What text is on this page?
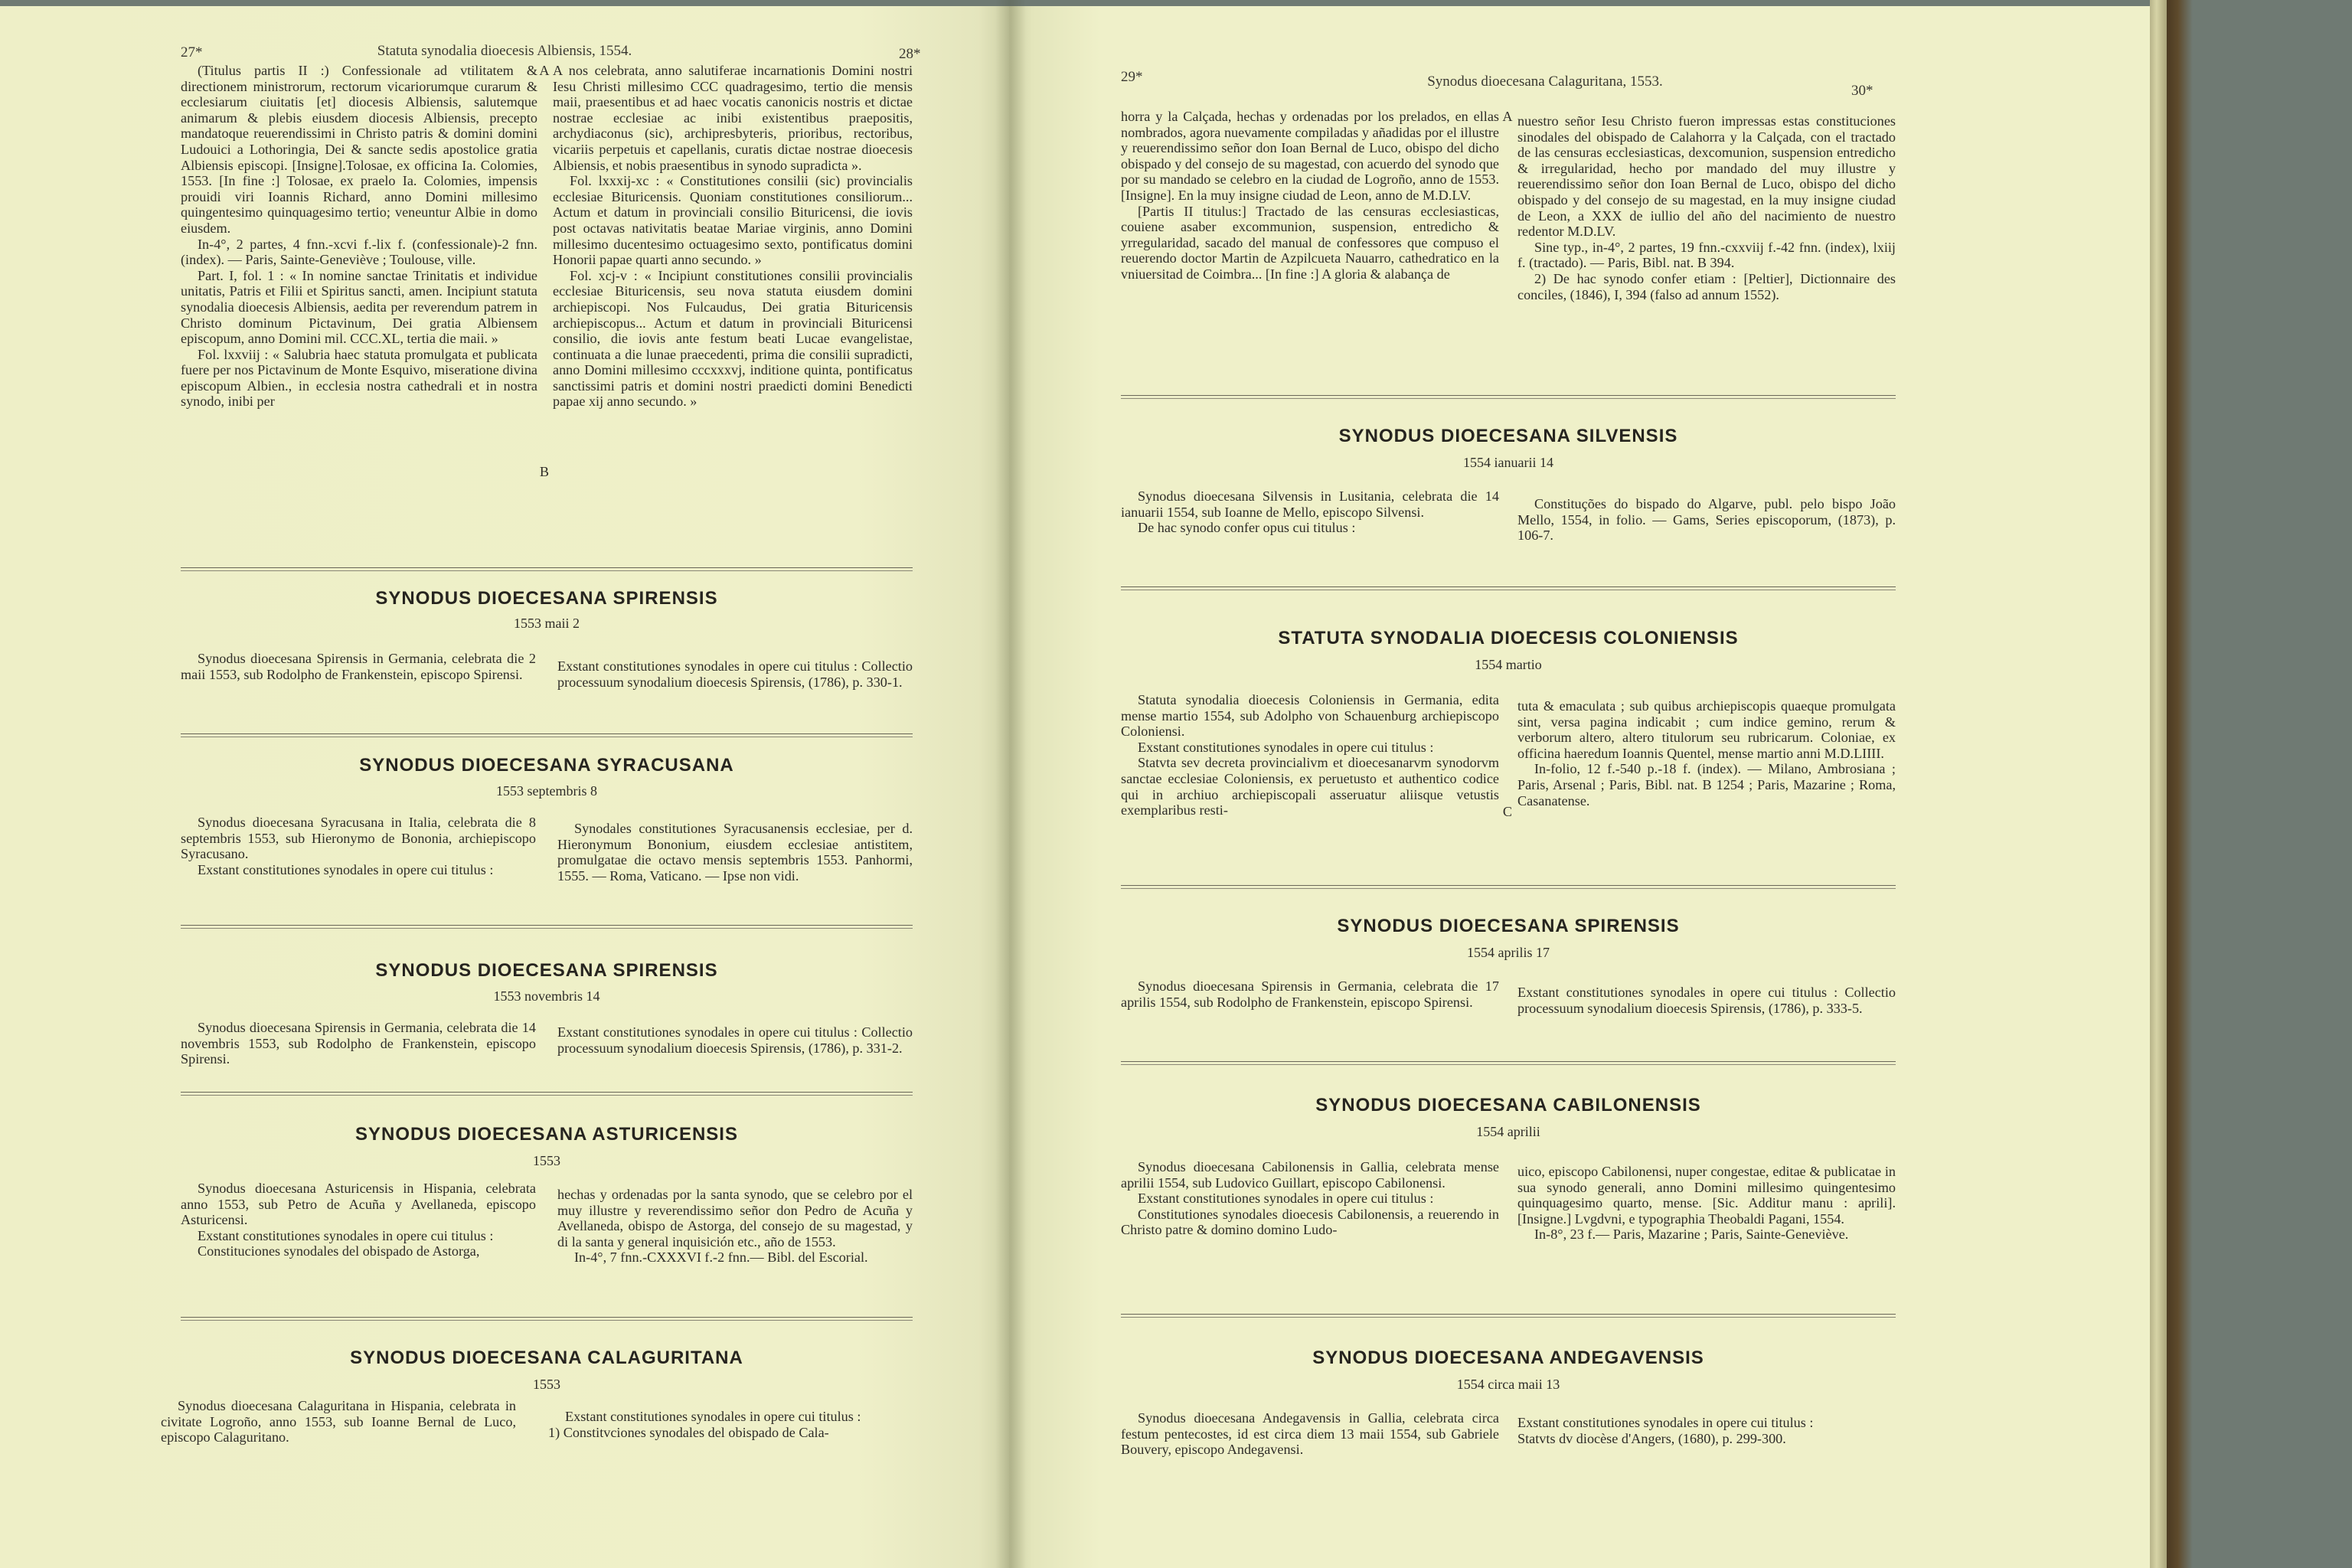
27*	Statuta synodalia dioecesis Albiensis, 1554.	28*

(Titulus partis II :) Confessionale ad vtilitatem & directionem ministrorum, rectorum vicariorumque curarum & ecclesiarum ciuitatis [et] diocesis Albiensis, salutemque animarum & plebis eiusdem diocesis Albiensis, precepto mandatoque reuerendissimi in Christo patris & domini domini Ludouici a Lothoringia, Dei & sancte sedis apostolice gratia Albiensis episcopi. [Insigne].Tolosae, ex officina Ia. Colomies, 1553. [In fine :] Tolosae, ex praelo Ia. Colomies, impensis prouidi viri Ioannis Richard, anno Domini millesimo quingentesimo quinquagesimo tertio; veneuntur Albie in domo eiusdem.

In-4°, 2 partes, 4 fnn.-xcvi f.-lix f. (confessionale)-2 fnn. (index). — Paris, Sainte-Geneviève ; Toulouse, ville.

Part. I, fol. 1 : « In nomine sanctae Trinitatis et individue unitatis, Patris et Filii et Spiritus sancti, amen. Incipiunt statuta synodalia dioecesis Albiensis, aedita per reverendum patrem in Christo dominum Pictavinum, Dei gratia Albiensem episcopum, anno Domini mil. CCC.XL, tertia die maii. »

Fol. lxxviij : « Salubria haec statuta promulgata et publicata fuere per nos Pictavinum de Monte Esquivo, miseratione divina episcopum Albien., in ecclesia nostra cathedrali et in nostra synodo, inibi per

A
B

A nos celebrata, anno salutiferae incarnationis Domini nostri Iesu Christi millesimo CCC quadragesimo, tertio die mensis maii, praesentibus et ad haec vocatis canonicis nostris et dictae nostrae ecclesiae ac inibi existentibus praepositis, archydiaconus (sic), archipresbyteris, prioribus, rectoribus, vicariis perpetuis et capellanis, curatis dictae nostrae dioecesis Albiensis, et nobis praesentibus in synodo supradicta ».

Fol. lxxxij-xc : « Constitutiones consilii (sic) provincialis ecclesiae Bituricensis. Quoniam constitutiones consiliorum... Actum et datum in provinciali consilio Bituricensi, die iovis post octavas nativitatis beatae Mariae virginis, anno Domini millesimo ducentesimo octuagesimo sexto, pontificatus domini Honorii papae quarti anno secundo. »

Fol. xcj-v : « Incipiunt constitutiones consilii provincialis ecclesiae Bituricensis, seu nova statuta eiusdem domini archiepiscopi. Nos Fulcaudus, Dei gratia Bituricensis archiepiscopus... Actum et datum in provinciali Bituricensi consilio, die iovis ante festum beati Lucae evangelistae, continuata a die lunae praecedenti, prima die consilii supradicti, anno Domini millesimo cccxxxvj, inditione quinta, pontificatus sanctissimi patris et domini nostri praedicti domini Benedicti papae xij anno secundo. »

SYNODUS DIOECESANA SPIRENSIS
1553 maii 2

Synodus dioecesana Spirensis in Germania, celebrata die 2 maii 1553, sub Rodolpho de Frankenstein, episcopo Spirensi.

Exstant constitutiones synodales in opere cui titulus : Collectio processuum synodalium dioecesis Spirensis, (1786), p. 330-1.

SYNODUS DIOECESANA SYRACUSANA
1553 septembris 8

Synodus dioecesana Syracusana in Italia, celebrata die 8 septembris 1553, sub Hieronymo de Bononia, archiepiscopo Syracusano.

Exstant constitutiones synodales in opere cui titulus :

Synodales constitutiones Syracusanensis ecclesiae, per d. Hieronymum Bononium, eiusdem ecclesiae antistitem, promulgatae die octavo mensis septembris 1553. Panhormi, 1555. — Roma, Vaticano. — Ipse non vidi.

SYNODUS DIOECESANA SPIRENSIS
1553 novembris 14

Synodus dioecesana Spirensis in Germania, celebrata die 14 novembris 1553, sub Rodolpho de Frankenstein, episcopo Spirensi.

Exstant constitutiones synodales in opere cui titulus : Collectio processuum synodalium dioecesis Spirensis, (1786), p. 331-2.

SYNODUS DIOECESANA ASTURICENSIS
1553

Synodus dioecesana Asturicensis in Hispania, celebrata anno 1553, sub Petro de Acuña y Avellaneda, episcopo Asturicensi.

Exstant constitutiones synodales in opere cui titulus :

Constituciones synodales del obispado de Astorga,

hechas y ordenadas por la santa synodo, que se celebro por el muy illustre y reverendissimo señor don Pedro de Acuña y Avellaneda, obispo de Astorga, del consejo de su magestad, y di la santa y general inquisición etc., año de 1553.

In-4°, 7 fnn.-CXXXVI f.-2 fnn.— Bibl. del Escorial.

SYNODUS DIOECESANA CALAGURITANA
1553

Synodus dioecesana Calaguritana in Hispania, celebrata in civitate Logroño, anno 1553, sub Ioanne Bernal de Luco, episcopo Calaguritano.

Exstant constitutiones synodales in opere cui titulus :

1) Constitvciones synodales del obispado de Cala-

29*	Synodus dioecesana Calaguritana, 1553.
30*

horra y la Calçada, hechas y ordenadas por los prelados, en ellas nombrados, agora nuevamente compiladas y añadidas por el illustre y reuerendissimo señor don Ioan Bernal de Luco, obispo del dicho obispado y del consejo de su magestad, con acuerdo del synodo que por su mandado se celebro en la ciudad de Logroño, anno de 1553.[Insigne]. En la muy insigne ciudad de Leon, anno de M.D.LV.

[Partis II titulus:] Tractado de las censuras ecclesiasticas, couiene asaber excommunion, suspension, entredicho & yrregularidad, sacado del manual de confessores que compuso el reuerendo doctor Martin de Azpilcueta Nauarro, cathedratico en la vniuersitad de Coimbra... [In fine :] A gloria & alabança de

A nuestro señor Iesu Christo fueron impressas estas constituciones sinodales del obispado de Calahorra y la Calçada, con el tractado de las censuras ecclesiasticas, dexcomunion, suspension entredicho & irregularidad, hecho por mandado del muy illustre y reuerendissimo señor don Ioan Bernal de Luco, obispo del dicho obispado y del consejo de su magestad, en la muy insigne ciudad de Leon, a XXX de iullio del año del nacimiento de nuestro redentor M.D.LV.

Sine typ., in-4°, 2 partes, 19 fnn.-cxxviij f.-42 fnn. (index), lxiij f. (tractado). — Paris, Bibl. nat. B 394.

2) De hac synodo confer etiam : [Peltier], Dictionnaire des conciles, (1846), I, 394 (falso ad annum 1552).

SYNODUS DIOECESANA SILVENSIS
1554 ianuarii 14

Synodus dioecesana Silvensis in Lusitania, celebrata die 14 ianuarii 1554, sub Ioanne de Mello, episcopo Silvensi.

De hac synodo confer opus cui titulus :

Constituções do bispado do Algarve, publ. pelo bispo João Mello, 1554, in folio. — Gams, Series episcoporum, (1873), p. 106-7.

STATUTA SYNODALIA DIOECESIS COLONIENSIS
1554 martio

Statuta synodalia dioecesis Coloniensis in Germania, edita mense martio 1554, sub Adolpho von Schauenburg archiepiscopo Coloniensi.

Exstant constitutiones synodales in opere cui titulus :

Statvta sev decreta provincialivm et dioecesanarvm synodorvm sanctae ecclesiae Coloniensis, ex peruetusto et authentico codice qui in archiuo archiepiscopali asseruatur aliisque vetustis exemplaribus resti-	C

tuta & emaculata ; sub quibus archiepiscopis quaeque promulgata sint, versa pagina indicabit ; cum indice gemino, rerum & verborum altero, altero titulorum seu rubricarum. Coloniae, ex officina haeredum Ioannis Quentel, mense martio anni M.D.LIIII.

In-folio, 12 f.-540 p.-18 f. (index). — Milano, Ambrosiana ; Paris, Arsenal ; Paris, Bibl. nat. B 1254 ; Paris, Mazarine ; Roma, Casanatense.

SYNODUS DIOECESANA SPIRENSIS
1554 aprilis 17

Synodus dioecesana Spirensis in Germania, celebrata die 17 aprilis 1554, sub Rodolpho de Frankenstein, episcopo Spirensi.

Exstant constitutiones synodales in opere cui titulus : Collectio processuum synodalium dioecesis Spirensis, (1786), p. 333-5.

SYNODUS DIOECESANA CABILONENSIS
1554 aprilii

Synodus dioecesana Cabilonensis in Gallia, celebrata mense aprilii 1554, sub Ludovico Guillart, episcopo Cabilonensi.

Exstant constitutiones synodales in opere cui titulus :

Constitutiones synodales dioecesis Cabilonensis, a reuerendo in Christo patre & domino domino Ludo-

uico, episcopo Cabilonensi, nuper congestae, editae & publicatae in sua synodo generali, anno Domini millesimo quingentesimo quinquagesimo quarto, mense. [Sic. Additur manu : aprili]. [Insigne.] Lvgdvni, e typographia Theobaldi Pagani, 1554.

In-8°, 23 f.— Paris, Mazarine ; Paris, Sainte-Geneviève.

SYNODUS DIOECESANA ANDEGAVENSIS
1554 circa maii 13

Synodus dioecesana Andegavensis in Gallia, celebrata circa festum pentecostes, id est circa diem 13 maii 1554, sub Gabriele Bouvery, episcopo Andegavensi.

Exstant constitutiones synodales in opere cui titulus :

Statvts dv diocèse d'Angers, (1680), p. 299-300.
